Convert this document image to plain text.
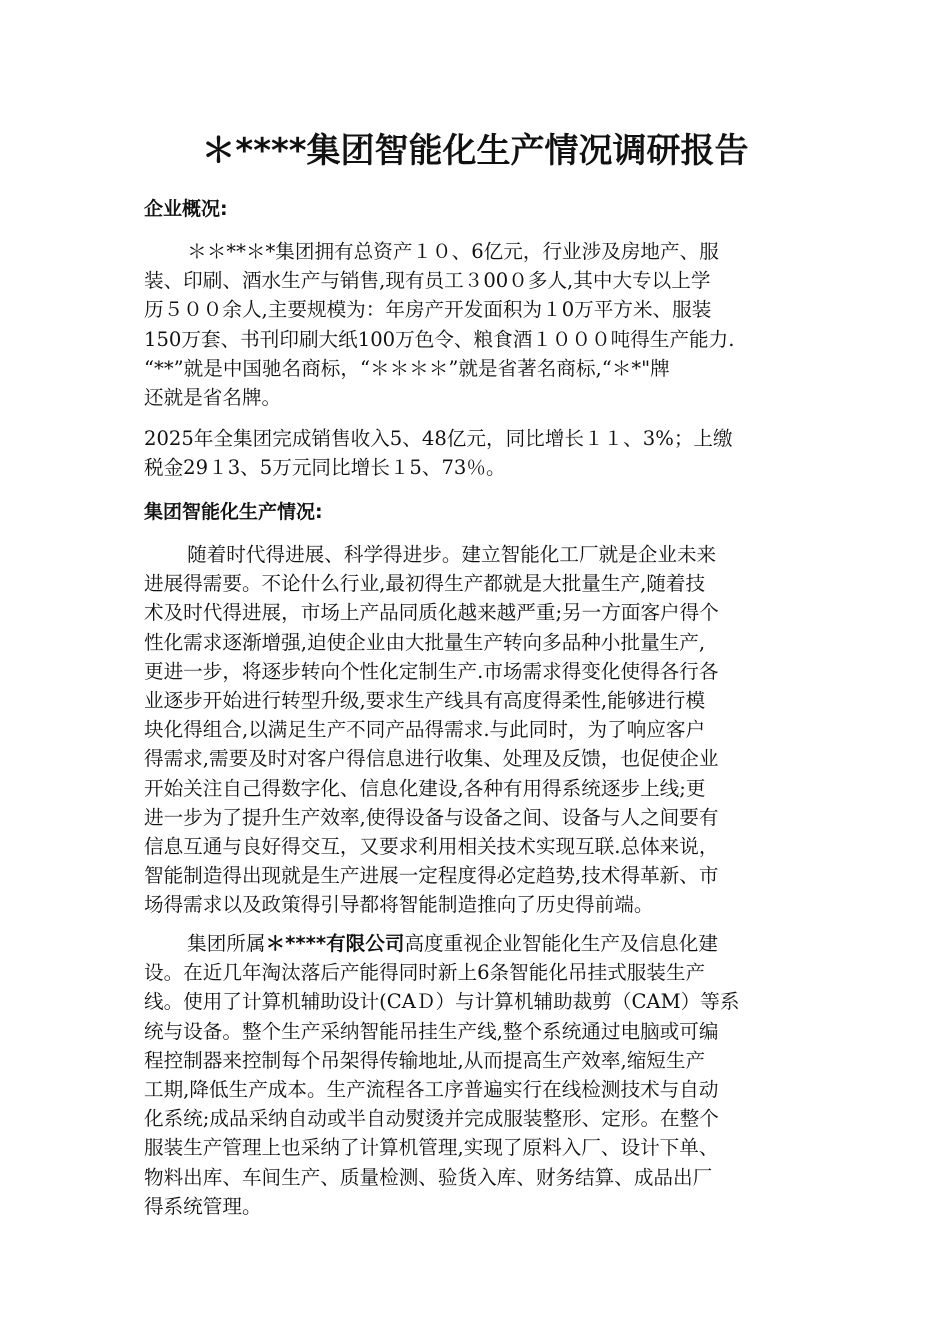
＊****集团智能化生产情况调研报告
企业概况:

＊＊**＊*集团拥有总资产１０、6亿元，行业涉及房地产、服
装、印刷、酒水生产与销售,现有员工３00０多人,其中大专以上学
历５００余人,主要规模为：年房产开发面积为１0万平方米、服装
150万套、书刊印刷大纸100万色令、粮食酒１０００吨得生产能力.
“**”就是中国驰名商标，“＊＊＊＊”就是省著名商标,“＊*"牌
还就是省名牌。

2025年全集团完成销售收入5、48亿元，同比增长１１、3%；上缴
税金29１3、5万元同比增长１5、73％。

集团智能化生产情况:

随着时代得进展、科学得进步。建立智能化工厂就是企业未来
进展得需要。不论什么行业,最初得生产都就是大批量生产,随着技
术及时代得进展，市场上产品同质化越来越严重;另一方面客户得个
性化需求逐渐增强,迫使企业由大批量生产转向多品种小批量生产,
更进一步，将逐步转向个性化定制生产.市场需求得变化使得各行各
业逐步开始进行转型升级,要求生产线具有高度得柔性,能够进行模
块化得组合,以满足生产不同产品得需求.与此同时，为了响应客户
得需求,需要及时对客户得信息进行收集、处理及反馈，也促使企业
开始关注自己得数字化、信息化建设,各种有用得系统逐步上线;更
进一步为了提升生产效率,使得设备与设备之间、设备与人之间要有
信息互通与良好得交互，又要求利用相关技术实现互联.总体来说，
智能制造得出现就是生产进展一定程度得必定趋势,技术得革新、市
场得需求以及政策得引导都将智能制造推向了历史得前端。

集团所属＊****有限公司高度重视企业智能化生产及信息化建
设。在近几年淘汰落后产能得同时新上6条智能化吊挂式服装生产
线。使用了计算机辅助设计(CAＤ）与计算机辅助裁剪（CAM）等系
统与设备。整个生产采纳智能吊挂生产线,整个系统通过电脑或可编
程控制器来控制每个吊架得传输地址,从而提高生产效率,缩短生产
工期,降低生产成本。生产流程各工序普遍实行在线检测技术与自动
化系统;成品采纳自动或半自动熨烫并完成服装整形、定形。在整个
服装生产管理上也采纳了计算机管理,实现了原料入厂、设计下单、
物料出库、车间生产、质量检测、验货入库、财务结算、成品出厂
得系统管理。
